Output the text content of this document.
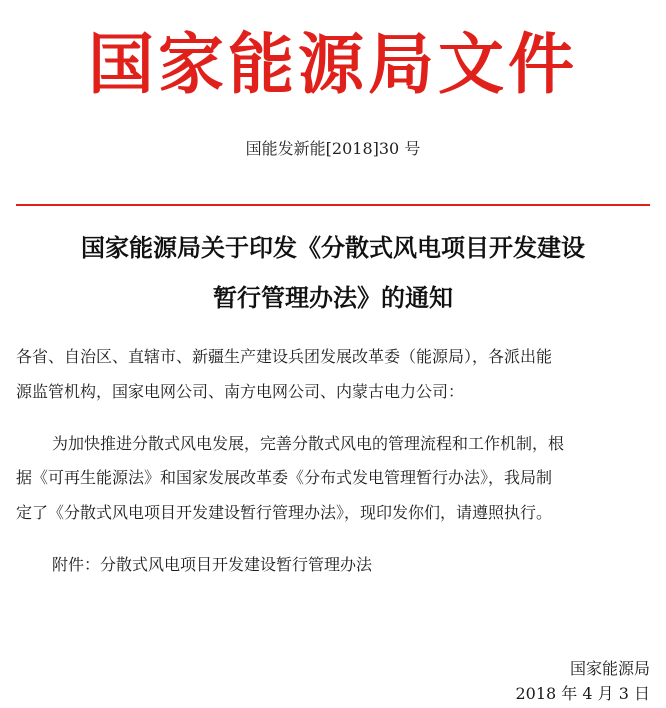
国家能源局文件
国能发新能[2018]30 号
国家能源局关于印发《分散式风电项目开发建设
暂行管理办法》的通知
各省、自治区、直辖市、新疆生产建设兵团发展改革委（能源局），各派出能
源监管机构，国家电网公司、南方电网公司、内蒙古电力公司：
为加快推进分散式风电发展，完善分散式风电的管理流程和工作机制，根
据《可再生能源法》和国家发展改革委《分布式发电管理暂行办法》，我局制
定了《分散式风电项目开发建设暂行管理办法》，现印发你们，请遵照执行。
附件：分散式风电项目开发建设暂行管理办法
国家能源局
2018 年 4 月 3 日
